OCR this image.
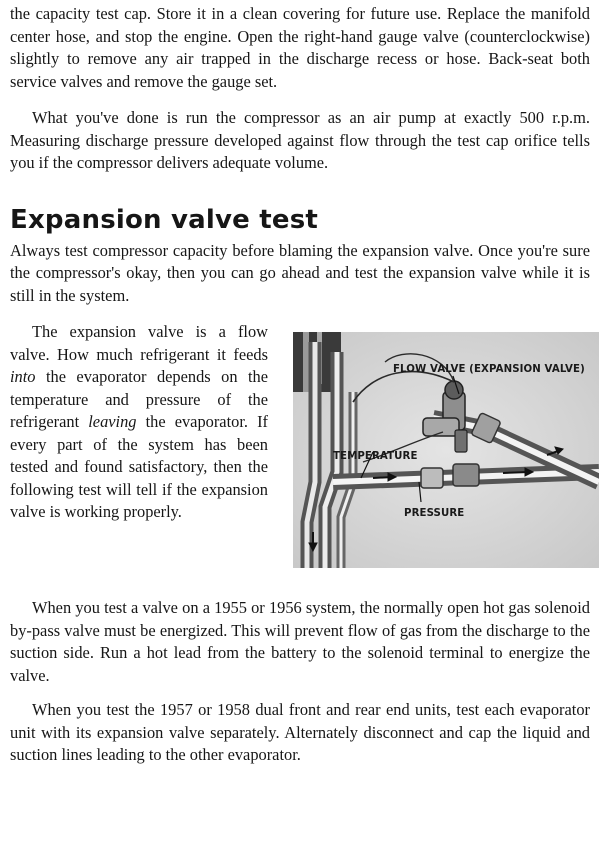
the capacity test cap. Store it in a clean covering for future use. Replace the manifold center hose, and stop the engine. Open the right-hand gauge valve (counterclockwise) slightly to remove any air trapped in the discharge recess or hose. Back-seat both service valves and remove the gauge set.

What you've done is run the compressor as an air pump at exactly 500 r.p.m. Measuring discharge pressure developed against flow through the test cap orifice tells you if the compressor delivers adequate volume.

Expansion valve test

Always test compressor capacity before blaming the expansion valve. Once you're sure the compressor's okay, then you can go ahead and test the expansion valve while it is still in the system.

The expansion valve is a flow valve. How much refrigerant it feeds into the evaporator depends on the temperature and pressure of the refrigerant leaving the evaporator. If every part of the system has been tested and found satisfactory, then the following test will tell if the expansion valve is working properly.

FLOW VALVE (EXPANSION VALVE)
TEMPERATURE
PRESSURE

When you test a valve on a 1955 or 1956 system, the normally open hot gas solenoid by-pass valve must be energized. This will prevent flow of gas from the discharge to the suction side. Run a hot lead from the battery to the solenoid terminal to energize the valve.

When you test the 1957 or 1958 dual front and rear end units, test each evaporator unit with its expansion valve separately. Alternately disconnect and cap the liquid and suction lines leading to the other evaporator.
